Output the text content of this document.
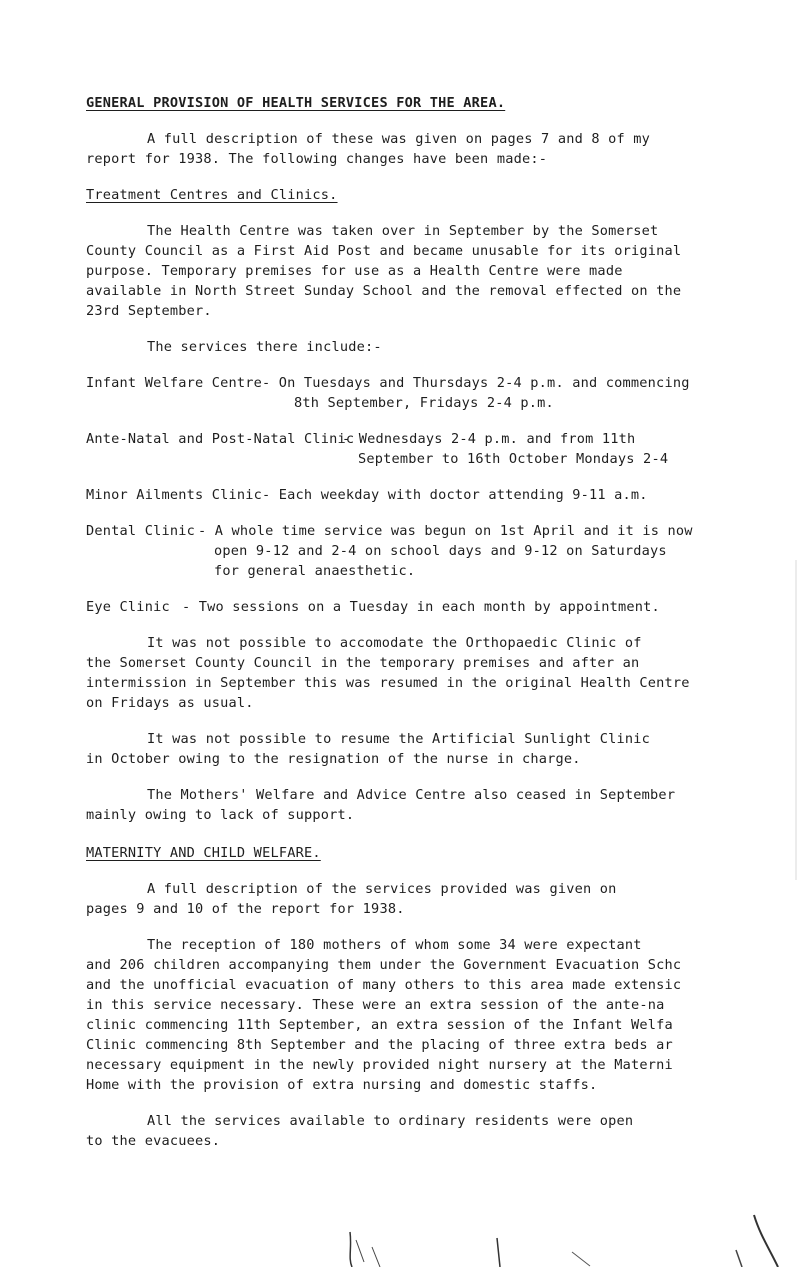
GENERAL PROVISION OF HEALTH SERVICES FOR THE AREA.
A full description of these was given on pages 7 and 8 of my
report for 1938. The following changes have been made:-
Treatment Centres and Clinics.
The Health Centre was taken over in September by the Somerset
County Council as a First Aid Post and became unusable for its original
purpose. Temporary premises for use as a Health Centre were made
available in North Street Sunday School and the removal effected on the
23rd September.
The services there include:-
Infant Welfare Centre - On Tuesdays and Thursdays 2-4 p.m. and commencing
8th September, Fridays 2-4 p.m.
Ante-Natal and Post-Natal Clinic
- Wednesdays 2-4 p.m. and from 11th
September to 16th October Mondays 2-4
Minor Ailments Clinic - Each weekday with doctor attending 9-11 a.m.
Dental Clinic - A whole time service was begun on 1st April and it is now
open 9-12 and 2-4 on school days and 9-12 on Saturdays
for general anaesthetic.
Eye Clinic - Two sessions on a Tuesday in each month by appointment.
It was not possible to accomodate the Orthopaedic Clinic of
the Somerset County Council in the temporary premises and after an
intermission in September this was resumed in the original Health Centre
on Fridays as usual.
It was not possible to resume the Artificial Sunlight Clinic
in October owing to the resignation of the nurse in charge.
The Mothers' Welfare and Advice Centre also ceased in September
mainly owing to lack of support.
MATERNITY AND CHILD WELFARE.
A full description of the services provided was given on
pages 9 and 10 of the report for 1938.
The reception of 180 mothers of whom some 34 were expectant
and 206 children accompanying them under the Government Evacuation Schc
and the unofficial evacuation of many others to this area made extensic
in this service necessary. These were an extra session of the ante-na
clinic commencing 11th September, an extra session of the Infant Welfa
Clinic commencing 8th September and the placing of three extra beds ar
necessary equipment in the newly provided night nursery at the Materni
Home with the provision of extra nursing and domestic staffs.
All the services available to ordinary residents were open
to the evacuees.
